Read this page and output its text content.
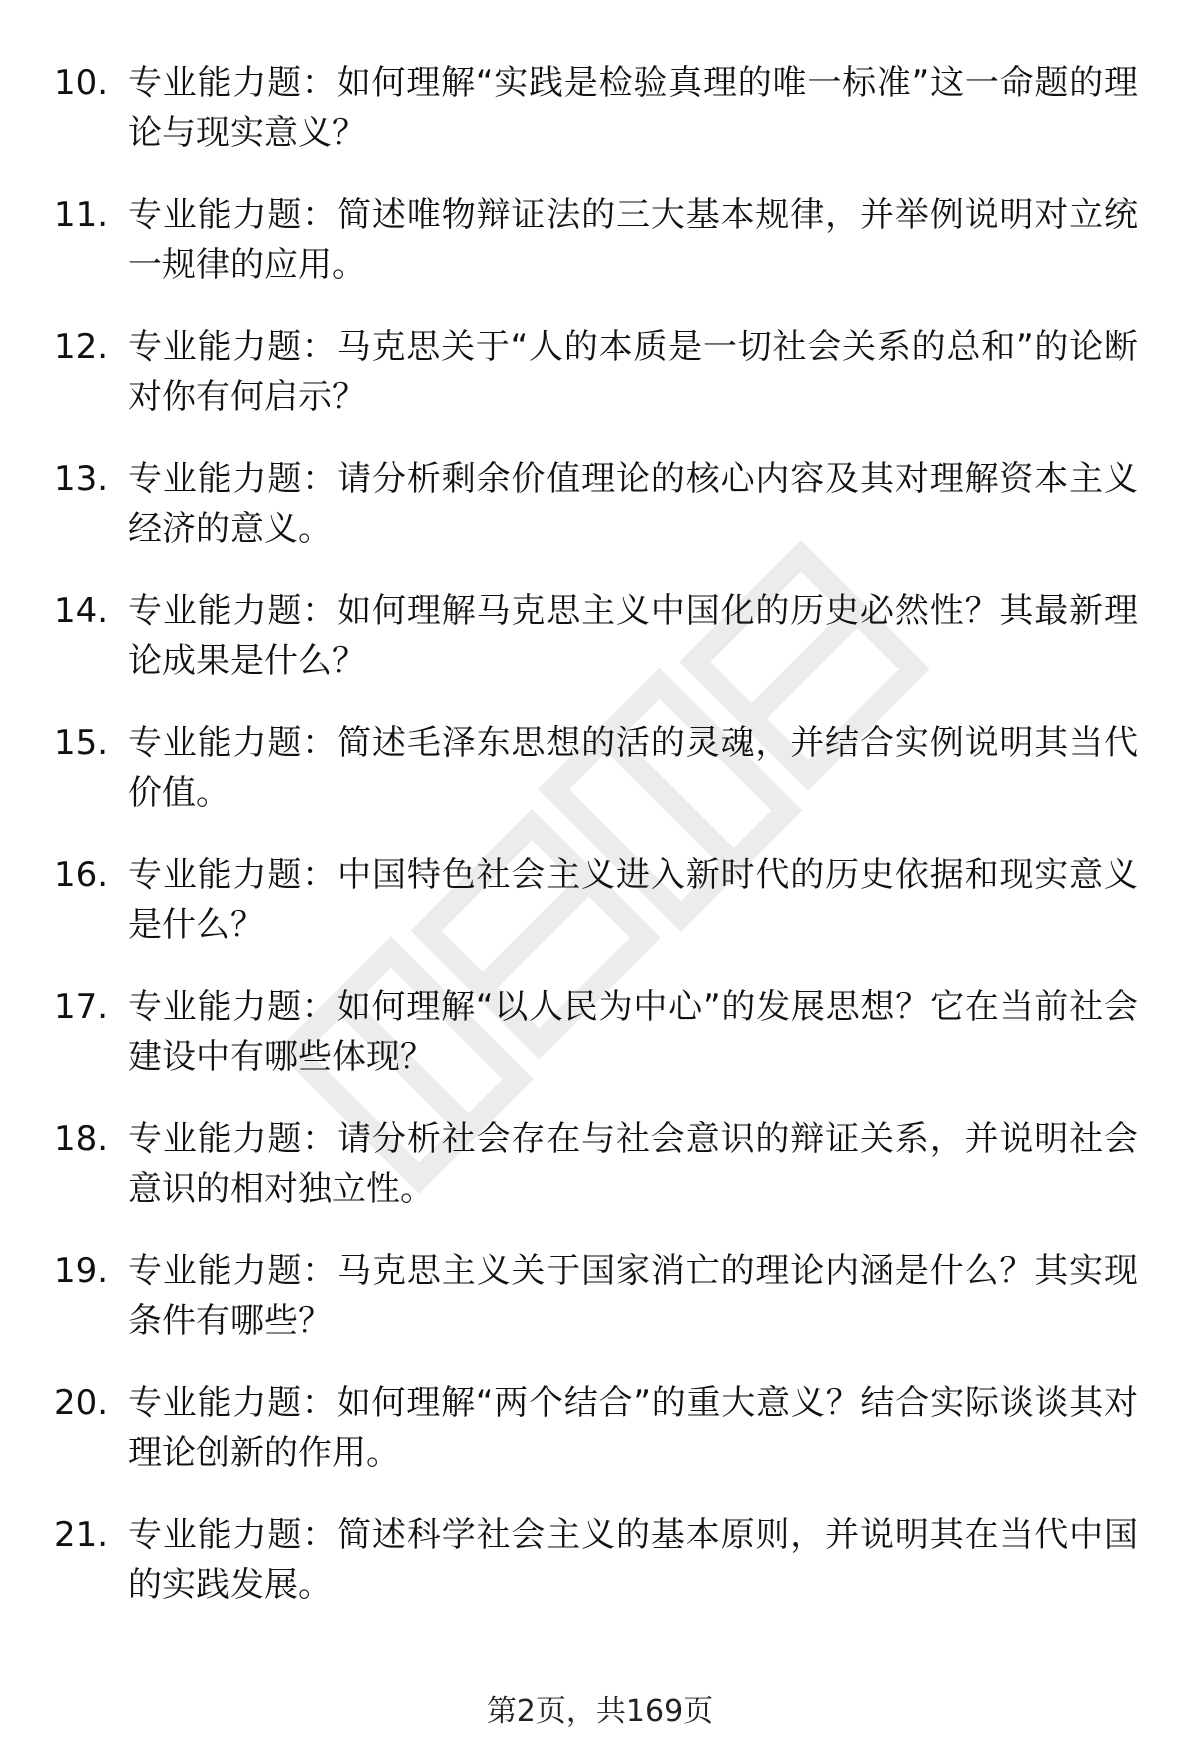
10. 专业能力题：如何理解“实践是检验真理的唯一标准”这一命题的理论与现实意义？
11. 专业能力题：简述唯物辩证法的三大基本规律，并举例说明对立统一规律的应用。
12. 专业能力题：马克思关于“人的本质是一切社会关系的总和”的论断对你有何启示？
13. 专业能力题：请分析剩余价值理论的核心内容及其对理解资本主义经济的意义。
14. 专业能力题：如何理解马克思主义中国化的历史必然性？其最新理论成果是什么？
15. 专业能力题：简述毛泽东思想的活的灵魂，并结合实例说明其当代价值。
16. 专业能力题：中国特色社会主义进入新时代的历史依据和现实意义是什么？
17. 专业能力题：如何理解“以人民为中心”的发展思想？它在当前社会建设中有哪些体现？
18. 专业能力题：请分析社会存在与社会意识的辩证关系，并说明社会意识的相对独立性。
19. 专业能力题：马克思主义关于国家消亡的理论内涵是什么？其实现条件有哪些？
20. 专业能力题：如何理解“两个结合”的重大意义？结合实际谈谈其对理论创新的作用。
21. 专业能力题：简述科学社会主义的基本原则，并说明其在当代中国的实践发展。
第2页，共169页
